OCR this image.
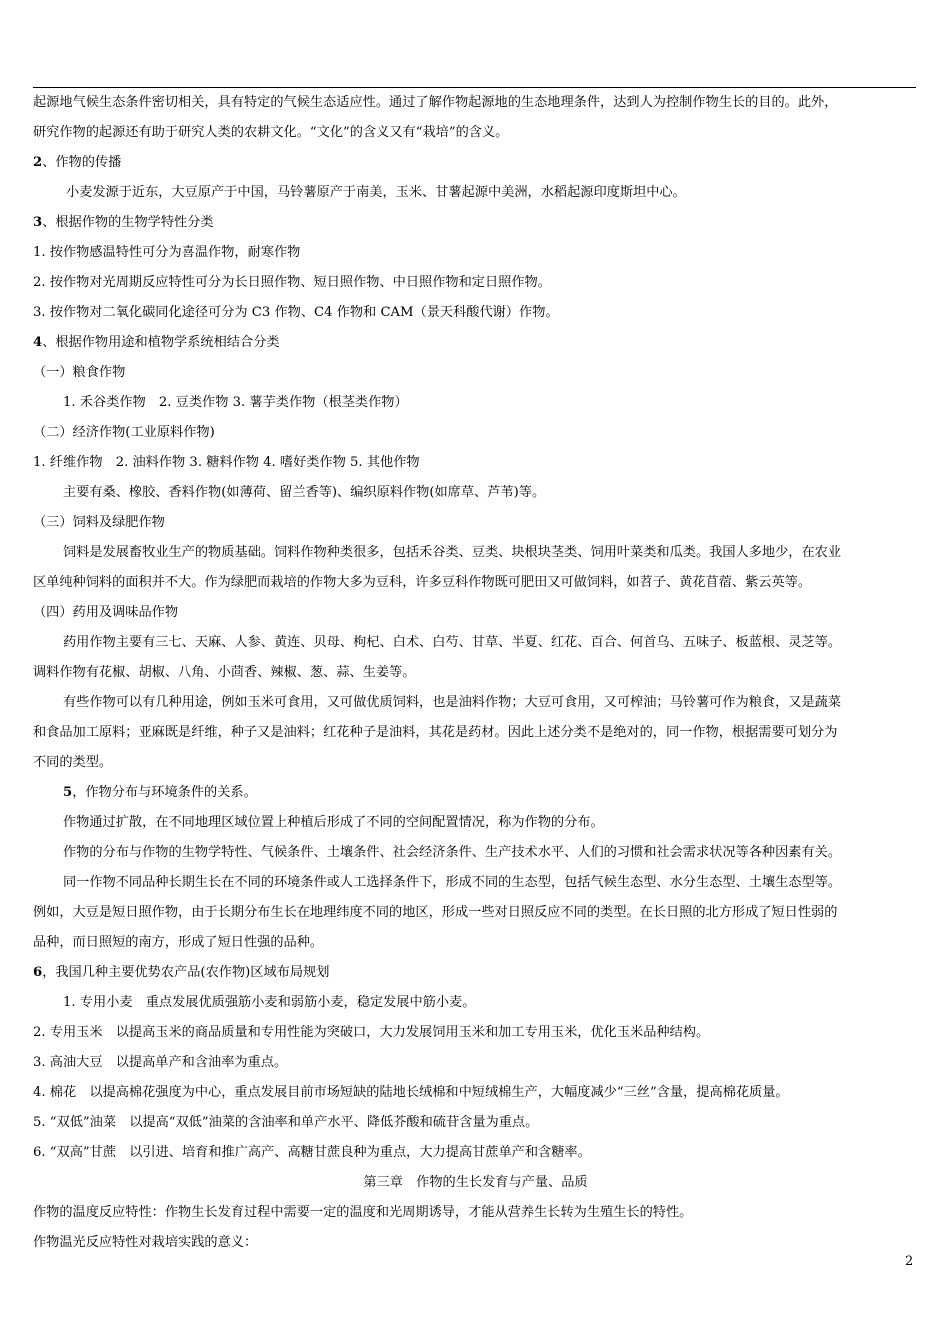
起源地气候生态条件密切相关，具有特定的气候生态适应性。通过了解作物起源地的生态地理条件，达到人为控制作物生长的目的。此外，
研究作物的起源还有助于研究人类的农耕文化。“文化”的含义又有“栽培”的含义。
2、作物的传播
小麦发源于近东，大豆原产于中国，马铃薯原产于南美，玉米、甘薯起源中美洲，水稻起源印度斯坦中心。
3、根据作物的生物学特性分类
1. 按作物感温特性可分为喜温作物，耐寒作物
2. 按作物对光周期反应特性可分为长日照作物、短日照作物、中日照作物和定日照作物。
3. 按作物对二氧化碳同化途径可分为 C3 作物、C4 作物和 CAM（景天科酸代谢）作物。
4、根据作物用途和植物学系统相结合分类
（一）粮食作物
1. 禾谷类作物　2. 豆类作物 3. 薯芋类作物（根茎类作物）
（二）经济作物(工业原料作物)
1. 纤维作物　2. 油料作物 3. 糖料作物 4. 嗜好类作物 5. 其他作物
主要有桑、橡胶、香料作物(如薄荷、留兰香等)、编织原料作物(如席草、芦苇)等。
（三）饲料及绿肥作物
饲料是发展畜牧业生产的物质基础。饲料作物种类很多，包括禾谷类、豆类、块根块茎类、饲用叶菜类和瓜类。我国人多地少，在农业
区单纯种饲料的面积并不大。作为绿肥而栽培的作物大多为豆科，许多豆科作物既可肥田又可做饲料，如苕子、黄花苜蓿、紫云英等。
（四）药用及调味品作物
药用作物主要有三七、天麻、人参、黄连、贝母、枸杞、白术、白芍、甘草、半夏、红花、百合、何首乌、五味子、板蓝根、灵芝等。
调料作物有花椒、胡椒、八角、小茴香、辣椒、葱、蒜、生姜等。
有些作物可以有几种用途，例如玉米可食用，又可做优质饲料，也是油料作物；大豆可食用，又可榨油；马铃薯可作为粮食，又是蔬菜
和食品加工原料；亚麻既是纤维，种子又是油料；红花种子是油料，其花是药材。因此上述分类不是绝对的，同一作物，根据需要可划分为
不同的类型。
5，作物分布与环境条件的关系。
作物通过扩散，在不同地理区域位置上种植后形成了不同的空间配置情况，称为作物的分布。
作物的分布与作物的生物学特性、气候条件、土壤条件、社会经济条件、生产技术水平、人们的习惯和社会需求状况等各种因素有关。
同一作物不同品种长期生长在不同的环境条件或人工选择条件下，形成不同的生态型，包括气候生态型、水分生态型、土壤生态型等。
例如，大豆是短日照作物，由于长期分布生长在地理纬度不同的地区，形成一些对日照反应不同的类型。在长日照的北方形成了短日性弱的
品种，而日照短的南方，形成了短日性强的品种。
6，我国几种主要优势农产品(农作物)区域布局规划
1. 专用小麦　重点发展优质强筋小麦和弱筋小麦，稳定发展中筋小麦。
2. 专用玉米　以提高玉米的商品质量和专用性能为突破口，大力发展饲用玉米和加工专用玉米，优化玉米品种结构。
3. 高油大豆　以提高单产和含油率为重点。
4. 棉花　以提高棉花强度为中心，重点发展目前市场短缺的陆地长绒棉和中短绒棉生产，大幅度减少“三丝”含量，提高棉花质量。
5. “双低”油菜　以提高“双低”油菜的含油率和单产水平、降低芥酸和硫苷含量为重点。
6. “双高”甘蔗　以引进、培育和推广高产、高糖甘蔗良种为重点，大力提高甘蔗单产和含糖率。
第三章　作物的生长发育与产量、品质
作物的温度反应特性：作物生长发育过程中需要一定的温度和光周期诱导，才能从营养生长转为生殖生长的特性。
作物温光反应特性对栽培实践的意义：
2
